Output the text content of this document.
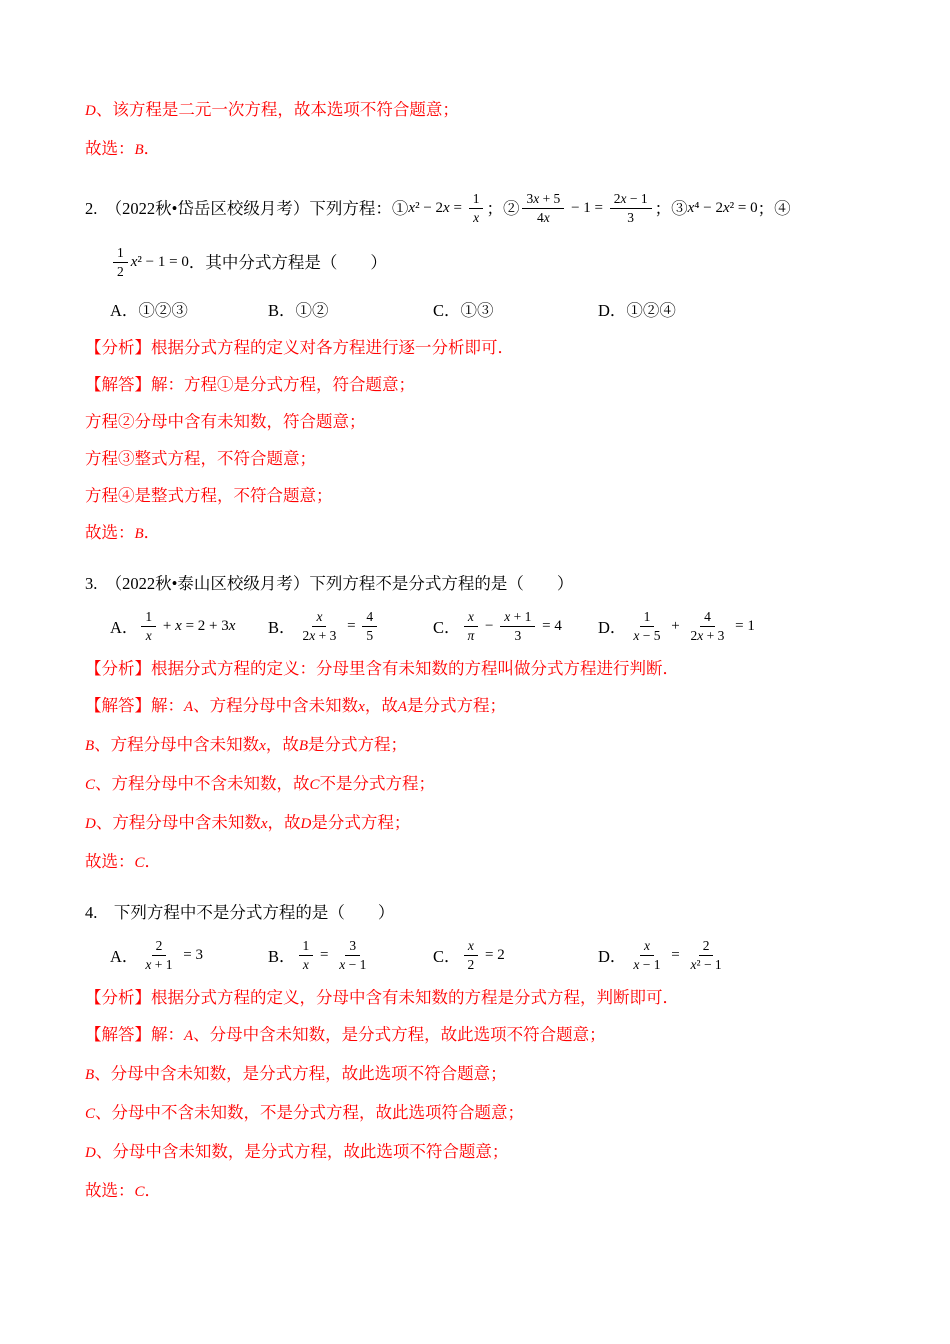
D、该方程是二元一次方程，故本选项不符合题意；

故选：B．

2.　（2022秋•岱岳区校级月考）下列方程：① $x^2 - 2x = \frac{1}{x}$ ；② $\frac{3x + 5}{4x} - 1 = \frac{2x - 1}{3}$ ；③ x⁴ − 2x² = 0 ；④
$\frac{1}{2} x^2 - 1 = 0$ ．其中分式方程是（　　）
A．①②③	B．①②	C．①③	D．①②④

【分析】根据分式方程的定义对各方程进行逐一分析即可．

【解答】解：方程①是分式方程，符合题意；

方程②分母中含有未知数，符合题意；

方程③整式方程，不符合题意；

方程④是整式方程，不符合题意；

故选：B．

3.　（2022秋•泰山区校级月考）下列方程不是分式方程的是（　　）

A． $\frac{1}{x} + x = 2 + 3x$ B． $\frac{x}{2x + 3} = \frac{4}{5}$	C． $\frac{x}{\pi} - \frac{x + 1}{3} = 4$ D． $\frac{1}{x - 5} + \frac{4}{2x + 3} = 1$

【分析】根据分式方程的定义：分母里含有未知数的方程叫做分式方程进行判断．

【解答】解：A、方程分母中含未知数x，故A是分式方程；

B、方程分母中含未知数x，故B是分式方程；

C、方程分母中不含未知数，故C不是分式方程；

D、方程分母中含未知数x，故D是分式方程；

故选：C．

4.　下列方程中不是分式方程的是（　　）

A． $\frac{2}{x + 1} = 3$	B． $\frac{1}{x} = \frac{3}{x - 1}$	C． $\frac{x}{2} = 2$	D． $\frac{x}{x - 1} = \frac{2}{\text{x² − 1}}$

【分析】根据分式方程的定义，分母中含有未知数的方程是分式方程，判断即可．

【解答】解：A、分母中含未知数，是分式方程，故此选项不符合题意；

B、分母中含未知数，是分式方程，故此选项不符合题意；

C、分母中不含未知数，不是分式方程，故此选项符合题意；

D、分母中含未知数，是分式方程，故此选项不符合题意；

故选：C．
